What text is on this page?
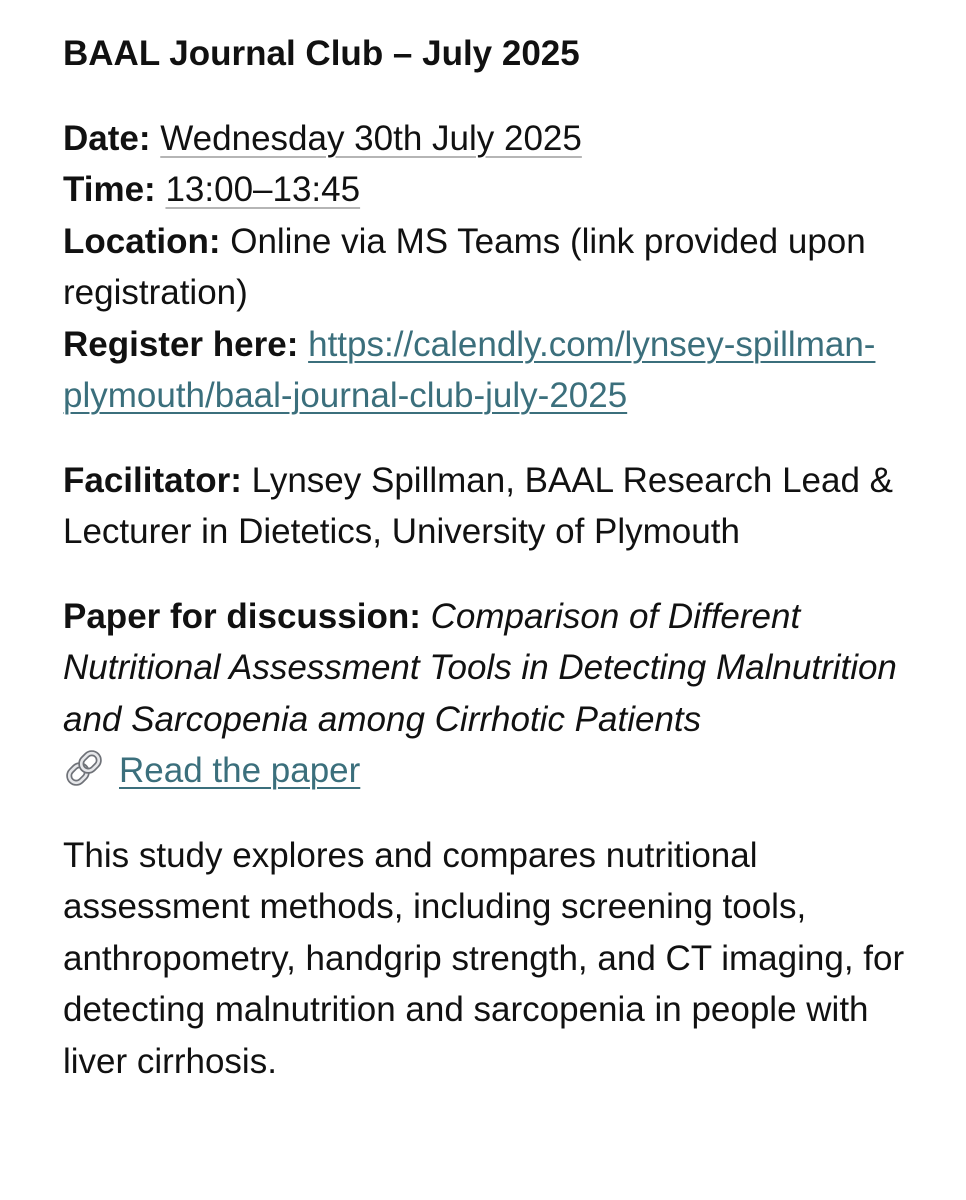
BAAL Journal Club – July 2025

Date: Wednesday 30th July 2025

Time: 13:00–13:45

Location: Online via MS Teams (link provided upon registration)

Register here: https://calendly.com/lynsey-spillman-plymouth/baal-journal-club-july-2025

Facilitator: Lynsey Spillman, BAAL Research Lead & Lecturer in Dietetics, University of Plymouth

Paper for discussion: Comparison of Different Nutritional Assessment Tools in Detecting Malnutrition and Sarcopenia among Cirrhotic Patients

Read the paper

This study explores and compares nutritional assessment methods, including screening tools, anthropometry, handgrip strength, and CT imaging, for detecting malnutrition and sarcopenia in people with liver cirrhosis.
